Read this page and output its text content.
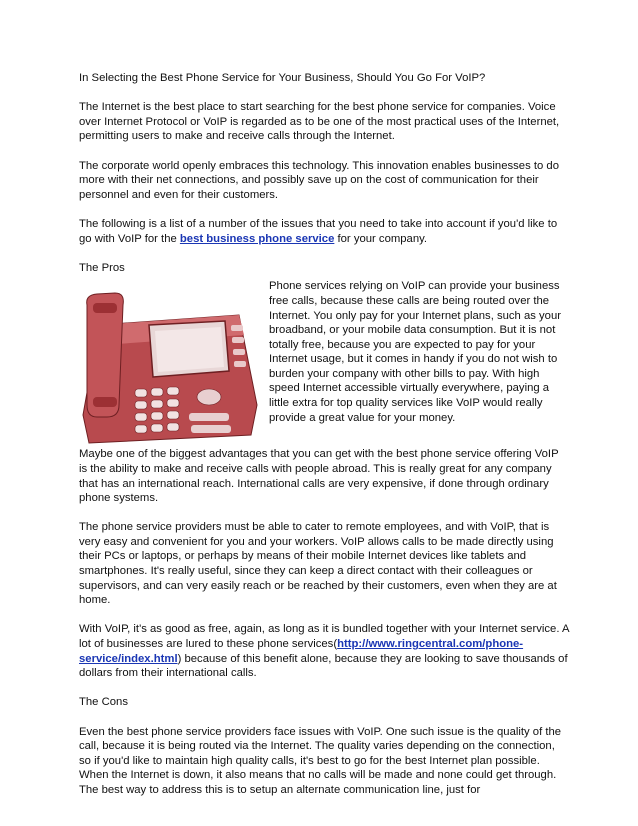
In Selecting the Best Phone Service for Your Business, Should You Go For VoIP?

The Internet is the best place to start searching for the best phone service for companies. Voice over Internet Protocol or VoIP is regarded as to be one of the most practical uses of the Internet, permitting users to make and receive calls through the Internet.

The corporate world openly embraces this technology. This innovation enables businesses to do more with their net connections, and possibly save up on the cost of communication for their personnel and even for their customers.

The following is a list of a number of the issues that you need to take into account if you'd like to go with VoIP for the best business phone service for your company.

The Pros

Phone services relying on VoIP can provide your business free calls, because these calls are being routed over the Internet. You only pay for your Internet plans, such as your broadband, or your mobile data consumption. But it is not totally free, because you are expected to pay for your Internet usage, but it comes in handy if you do not wish to burden your company with other bills to pay. With high speed Internet accessible virtually everywhere, paying a little extra for top quality services like VoIP would really provide a great value for your money.

Maybe one of the biggest advantages that you can get with the best phone service offering VoIP is the ability to make and receive calls with people abroad. This is really great for any company that has an international reach. International calls are very expensive, if done through ordinary phone systems.

The phone service providers must be able to cater to remote employees, and with VoIP, that is very easy and convenient for you and your workers. VoIP allows calls to be made directly using their PCs or laptops, or perhaps by means of their mobile Internet devices like tablets and smartphones. It's really useful, since they can keep a direct contact with their colleagues or supervisors, and can very easily reach or be reached by their customers, even when they are at home.

With VoIP, it's as good as free, again, as long as it is bundled together with your Internet service. A lot of businesses are lured to these phone services(http://www.ringcentral.com/phone-service/index.html) because of this benefit alone, because they are looking to save thousands of dollars from their international calls.

The Cons

Even the best phone service providers face issues with VoIP. One such issue is the quality of the call, because it is being routed via the Internet. The quality varies depending on the connection, so if you'd like to maintain high quality calls, it's best to go for the best Internet plan possible. When the Internet is down, it also means that no calls will be made and none could get through. The best way to address this is to setup an alternate communication line, just for
